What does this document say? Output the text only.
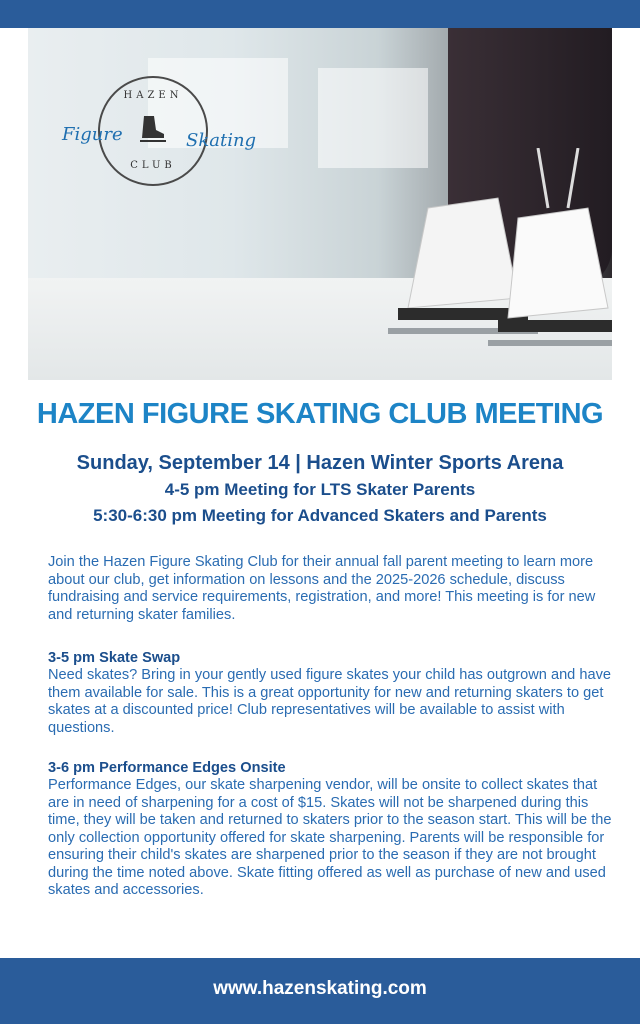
HAZEN
Figure	Skating
CLUB
HAZEN FIGURE SKATING CLUB MEETING
Sunday, September 14 | Hazen Winter Sports Arena
4-5 pm Meeting for LTS Skater Parents
5:30-6:30 pm Meeting for Advanced Skaters and Parents
Join the Hazen Figure Skating Club for their annual fall parent meeting to learn more about our club, get information on lessons and the 2025-2026 schedule, discuss fundraising and service requirements, registration, and more! This meeting is for new and returning skater families.
3-5 pm Skate Swap
Need skates? Bring in your gently used figure skates your child has outgrown and have them available for sale. This is a great opportunity for new and returning skaters to get skates at a discounted price! Club representatives will be available to assist with questions.
3-6 pm Performance Edges Onsite
Performance Edges, our skate sharpening vendor, will be onsite to collect skates that are in need of sharpening for a cost of $15. Skates will not be sharpened during this time, they will be taken and returned to skaters prior to the season start. This will be the only collection opportunity offered for skate sharpening. Parents will be responsible for ensuring their child's skates are sharpened prior to the season if they are not brought during the time noted above. Skate fitting offered as well as purchase of new and used skates and accessories.
www.hazenskating.com
